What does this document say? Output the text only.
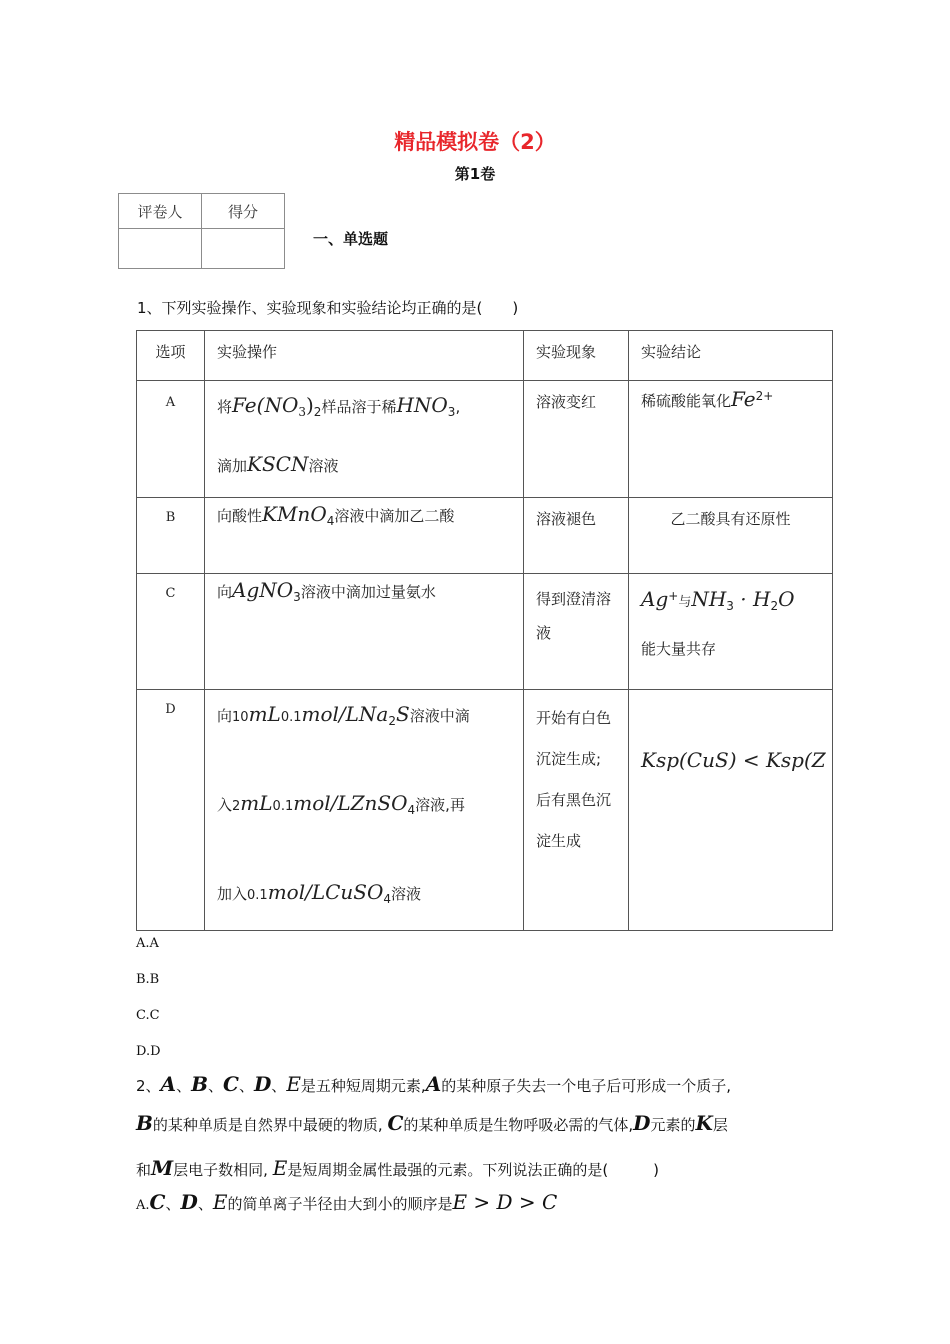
精品模拟卷（2）
第1卷
评卷人	得分

一、单选题
1、下列实验操作、实验现象和实验结论均正确的是(　　)
选项	实验操作	实验现象	实验结论
A	将$Fe(NO_3)_2$样品溶于稀$HNO_3$,
滴加KSCN溶液	溶液变红	稀硫酸能氧化$Fe^{2+}$
B	向酸性KMnO$_4$溶液中滴加乙二酸	溶液褪色	乙二酸具有还原性
C	向AgNO$_3$溶液中滴加过量氨水	得到澄清溶液	Ag+与$NH_3 \cdot H_2O$
能大量共存

D	向10mL0.1mol/LNa$_2$S溶液中滴
入2mL0.1mol/LZnSO$_4$溶液,再
加入0.1mol/LCuSO$_4$溶液	开始有白色沉淀生成;后有黑色沉淀生成	Ksp(CuS) < Ksp(Z
A.A
B.B
C.C
D.D
2、A、B、C、D、E是五种短周期元素,A的某种原子失去一个电子后可形成一个质子,
B的某种单质是自然界中最硬的物质, C的某种单质是生物呼吸必需的气体,D元素的K层
和M层电子数相同, E是短周期金属性最强的元素。下列说法正确的是(　　　)
A.C、D、E的简单离子半径由大到小的顺序是E > D > C
